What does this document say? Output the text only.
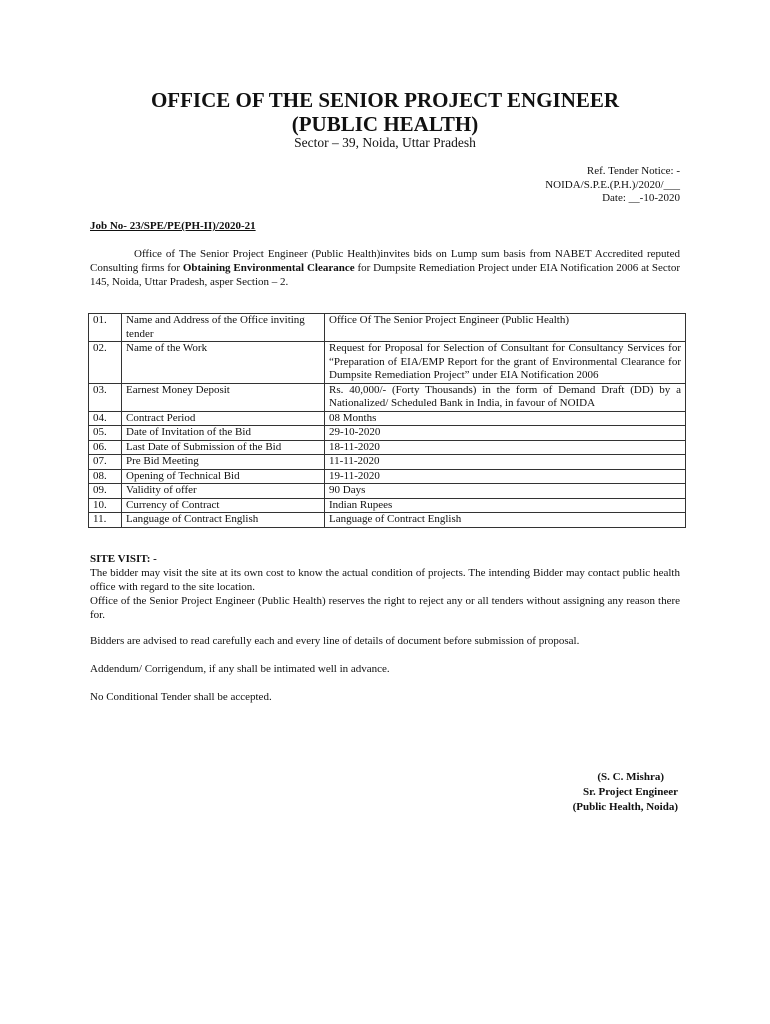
OFFICE OF THE SENIOR PROJECT ENGINEER
(PUBLIC HEALTH)
Sector – 39, Noida, Uttar Pradesh
Ref. Tender Notice: -
NOIDA/S.P.E.(P.H.)/2020/___
Date: __-10-2020
Job No- 23/SPE/PE(PH-II)/2020-21
Office of The Senior Project Engineer (Public Health)invites bids on Lump sum basis from NABET Accredited reputed Consulting firms for Obtaining Environmental Clearance for Dumpsite Remediation Project under EIA Notification 2006 at Sector 145, Noida, Uttar Pradesh, asper Section – 2.
01.	Name and Address of the Office inviting tender	Office Of The Senior Project Engineer (Public Health)
02.	Name of the Work	Request for Proposal for Selection of Consultant for Consultancy Services for “Preparation of EIA/EMP Report for the grant of Environmental Clearance for Dumpsite Remediation Project” under EIA Notification 2006
03.	Earnest Money Deposit	Rs. 40,000/- (Forty Thousands) in the form of Demand Draft (DD) by a Nationalized/ Scheduled Bank in India, in favour of NOIDA
04.	Contract Period	08 Months
05.	Date of Invitation of the Bid	29-10-2020
06.	Last Date of Submission of the Bid	18-11-2020
07.	Pre Bid Meeting	11-11-2020
08.	Opening of Technical Bid	19-11-2020
09.	Validity of offer	90 Days
10.	Currency of Contract	Indian Rupees
11.	Language of Contract English	Language of Contract English
SITE VISIT: -
The bidder may visit the site at its own cost to know the actual condition of projects. The intending Bidder may contact public health office with regard to the site location.
Office of the Senior Project Engineer (Public Health) reserves the right to reject any or all tenders without assigning any reason there for.
Bidders are advised to read carefully each and every line of details of document before submission of proposal.
Addendum/ Corrigendum, if any shall be intimated well in advance.
No Conditional Tender shall be accepted.
(S. C. Mishra)
Sr. Project Engineer
(Public Health, Noida)
